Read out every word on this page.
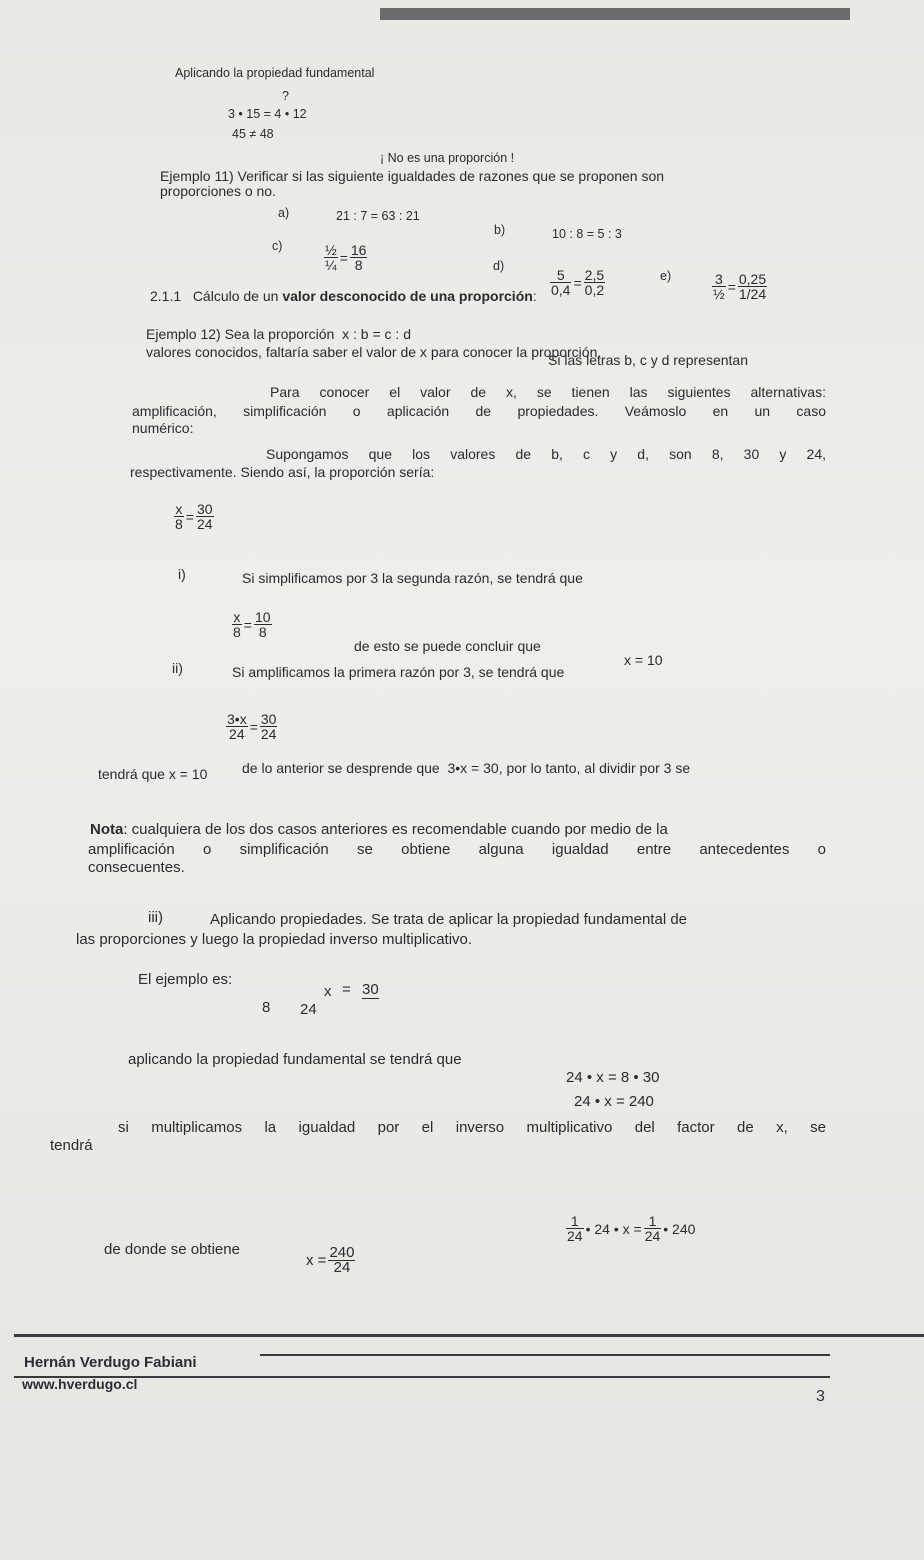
Aplicando la propiedad fundamental
?
3 • 15 = 4 • 12
45 ≠ 48
¡ No es una proporción !
Ejemplo 11) Verificar si las siguiente igualdades de razones que se proponen son
proporciones o no.
a)	21 : 7 = 63 : 21
b)	10 : 8 = 5 : 3
c)	$\frac{\text{½}}{\text{¼}} = \frac{16}{8}$	d)
$\frac{5}{0,4} = \frac{2,5}{0,2}$	e)	$\frac{3}{\text{½}} = \frac{0,25}{1/24}$
2.1.1 Cálculo de un valor desconocido de una proporción:
Ejemplo 12) Sea la proporción x : b = c : d
Si las letras b, c y d representan
valores conocidos, faltaría saber el valor de x para conocer la proporción.
Para conocer el valor de x, se tienen las siguientes alternativas:
amplificación, simplificación o aplicación de propiedades. Veámoslo en un caso
numérico:
Supongamos que los valores de b, c y d, son 8, 30 y 24,
respectivamente. Siendo así, la proporción sería:
$\frac{x}{8} = \frac{30}{24}$
i)	Si simplificamos por 3 la segunda razón, se tendrá que
$\frac{x}{8} = \frac{10}{8}$
de esto se puede concluir que
x = 10
ii)	Si amplificamos la primera razón por 3, se tendrá que
$\frac{3•x}{24} = \frac{30}{24}$
de lo anterior se desprende que 3•x = 30, por lo tanto, al dividir por 3 se
tendrá que x = 10
Nota: cualquiera de los dos casos anteriores es recomendable cuando por medio de la
amplificación o simplificación se obtiene alguna igualdad entre antecedentes o
consecuentes.
iii)	Aplicando propiedades. Se trata de aplicar la propiedad fundamental de
las proporciones y luego la propiedad inverso multiplicativo.
El ejemplo es:
x = 30
8 24
aplicando la propiedad fundamental se tendrá que
24 • x = 8 • 30
24 • x = 240
si multiplicamos la igualdad por el inverso multiplicativo del factor de x, se
tendrá
$\frac{1}{24}$ • 24 • $x = \frac{1}{24}$ • 240
de donde se obtiene
$x = \frac{240}{24}$
Hernán Verdugo Fabiani
www.hverdugo.cl
3
